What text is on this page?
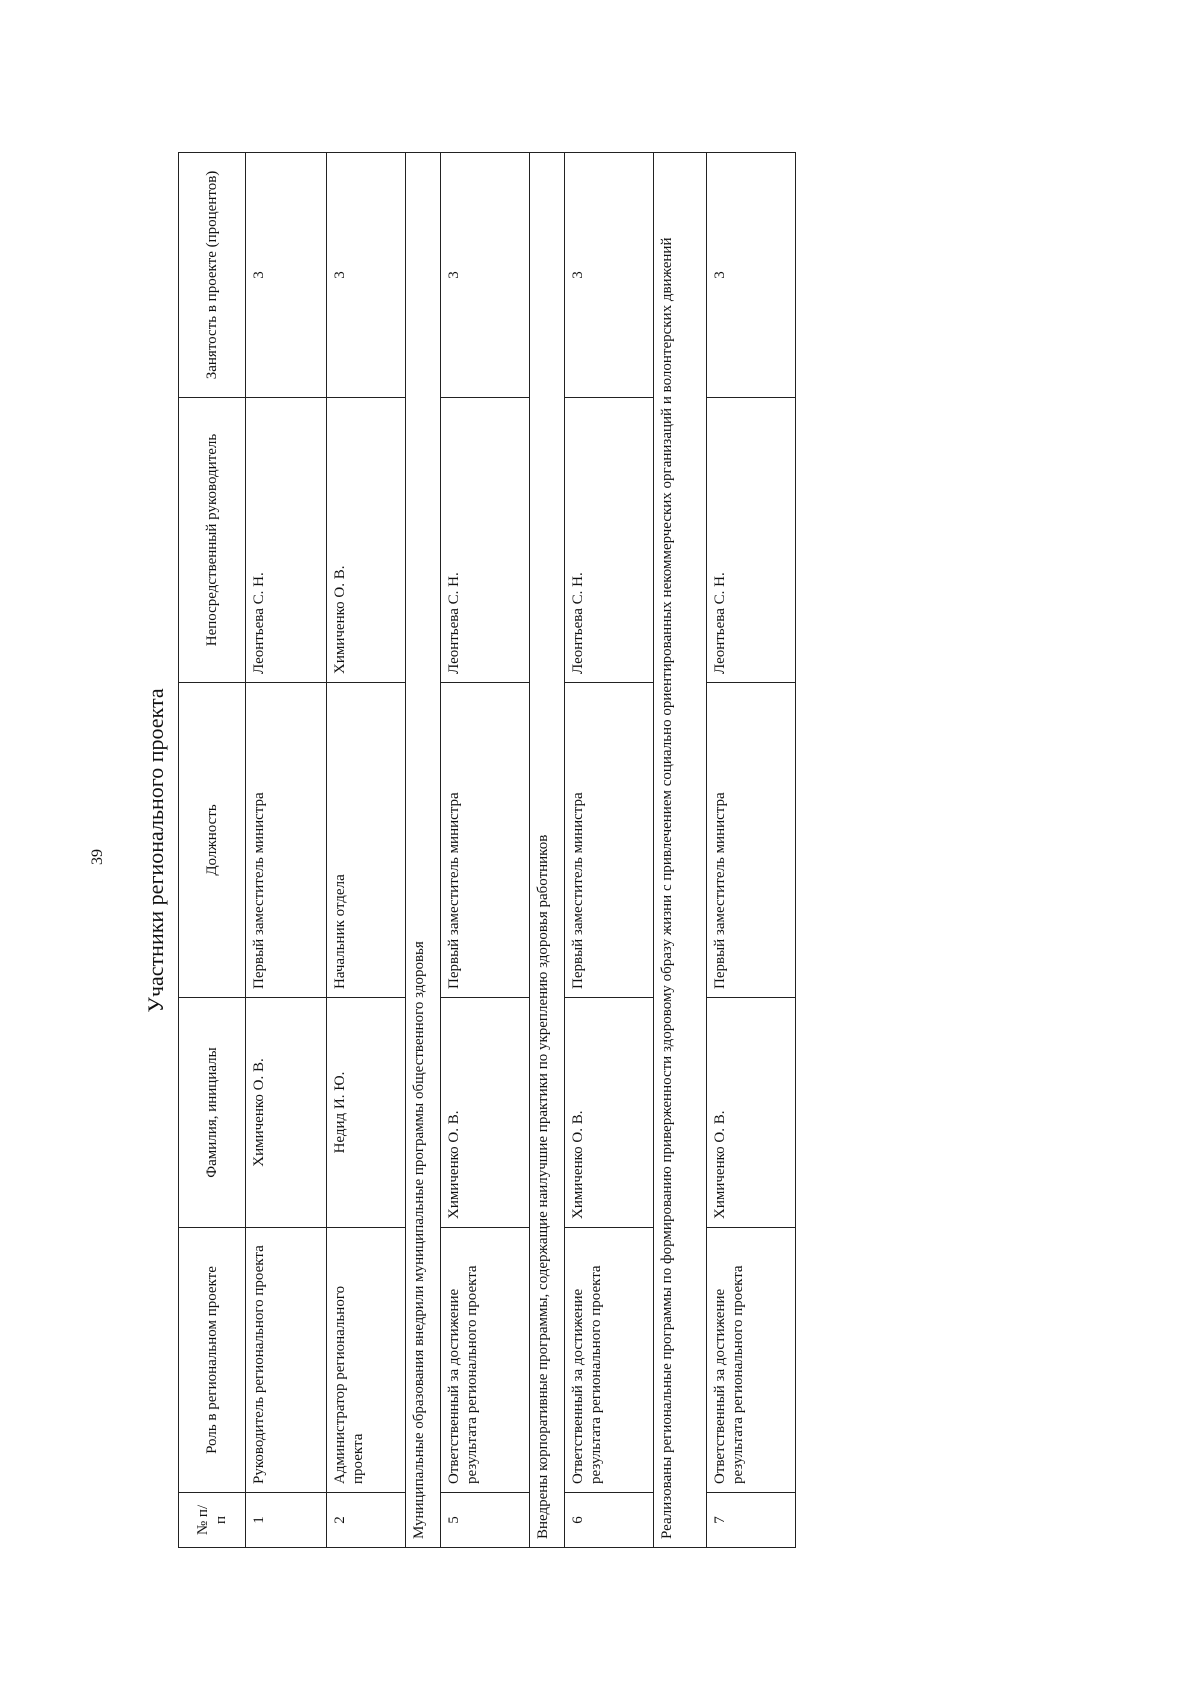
39 Участники регионального проекта
№ п/п	Роль в региональном проекте	Фамилия, инициалы	Должность	Непосредственный руководитель	Занятость в проекте (процентов)
1	Руководитель регионального проекта	Химиченко О. В.	Первый заместитель министра	Леонтьева С. Н.	3
2	Администратор регионального проекта	Недид И. Ю.	Начальник отдела	Химиченко О. В.	3
Муниципальные образования внедрили муниципальные программы общественного здоровья					
5	Ответственный за достижение результата регионального проекта	Химиченко О. В.	Первый заместитель министра	Леонтьева С. Н.	3
Внедрены корпоративные программы, содержащие наилучшие практики по укреплению здоровья работников					
6	Ответственный за достижение результата регионального проекта	Химиченко О. В.	Первый заместитель министра	Леонтьева С. Н.	3
Реализованы региональные программы по формированию приверженности здоровому образу жизни с привлечением социально ориентированных некоммерческих организаций и волонтерских движений					
7	Ответственный за достижение результата регионального проекта	Химиченко О. В.	Первый заместитель министра	Леонтьева С. Н.	3
